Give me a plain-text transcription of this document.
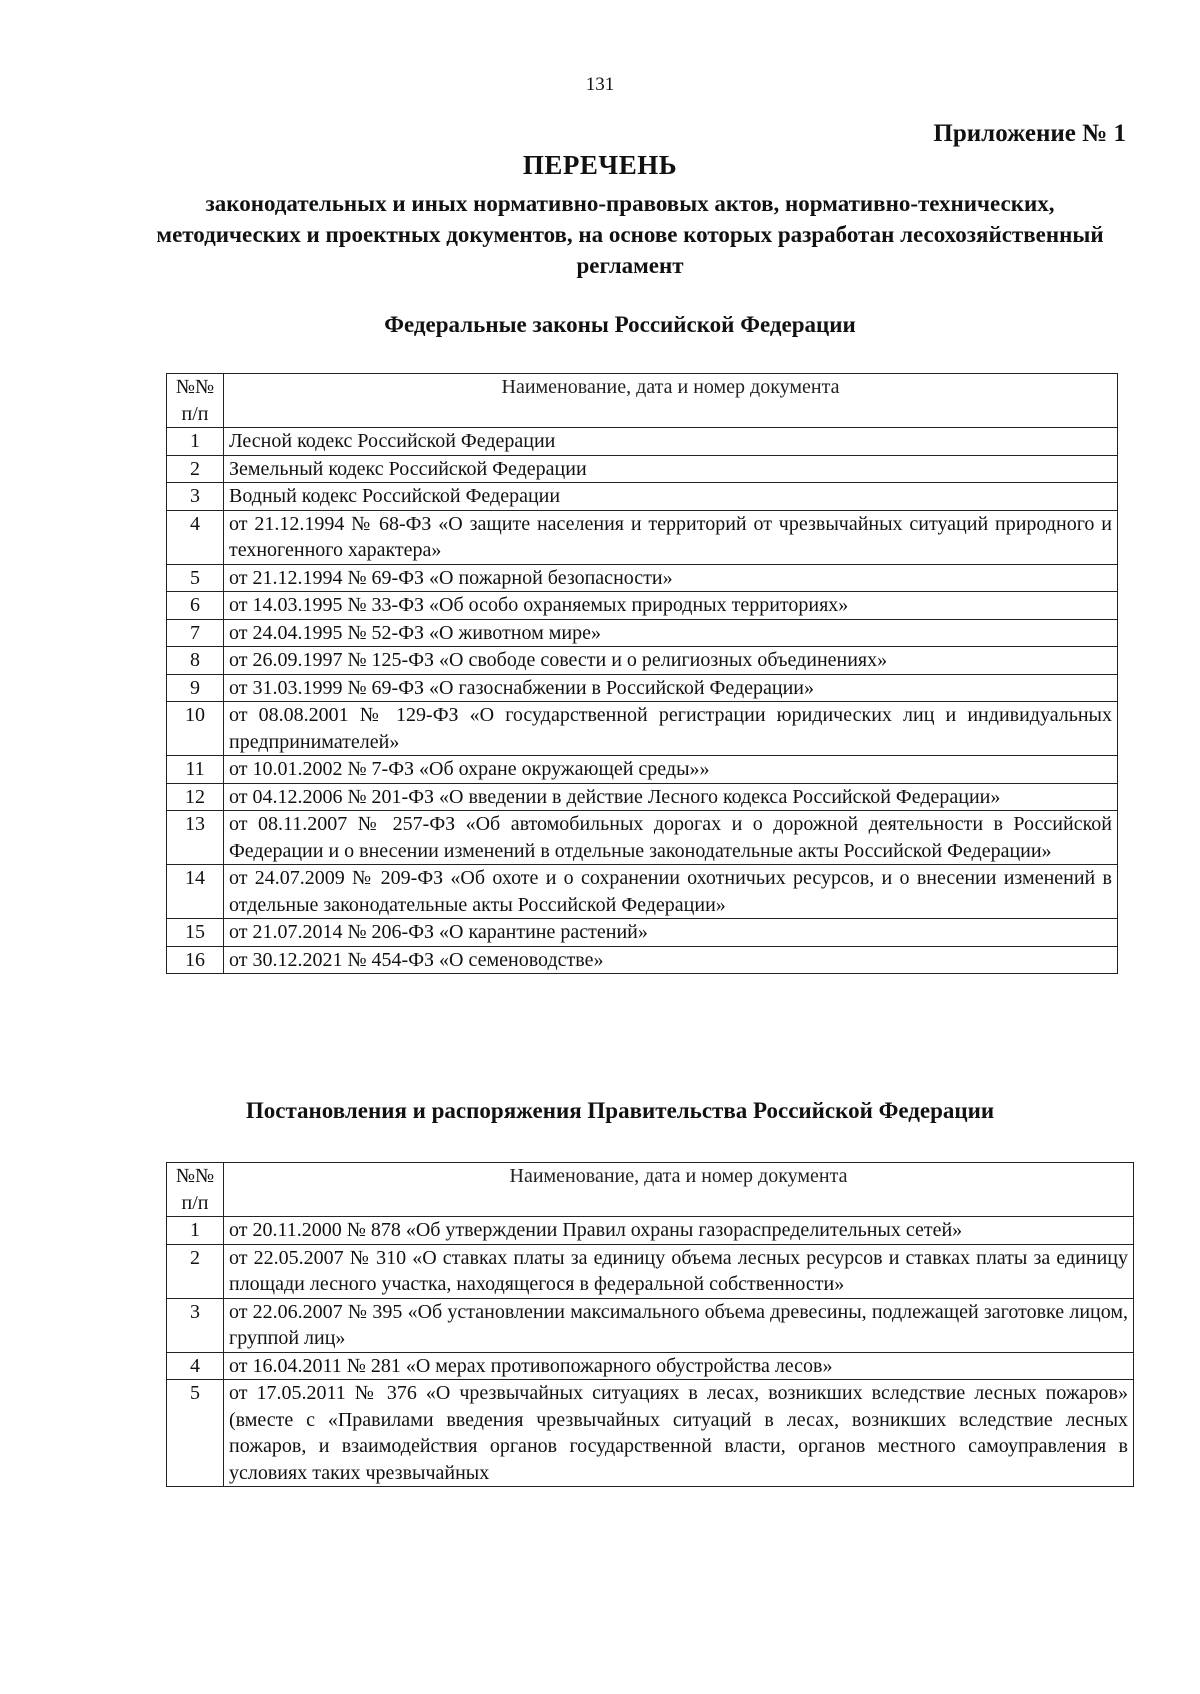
131
Приложение № 1
ПЕРЕЧЕНЬ
законодательных и иных нормативно-правовых актов, нормативно-технических, методических и проектных документов, на основе которых разработан лесохозяйственный регламент
Федеральные законы Российской Федерации
№№ п/п	Наименование, дата и номер документа
1	Лесной кодекс Российской Федерации
2	Земельный кодекс Российской Федерации
3	Водный кодекс Российской Федерации
4	от 21.12.1994 № 68-ФЗ «О защите населения и территорий от чрезвычайных ситуаций природного и техногенного характера»
5	от 21.12.1994 № 69-ФЗ «О пожарной безопасности»
6	от 14.03.1995 № 33-ФЗ «Об особо охраняемых природных территориях»
7	от 24.04.1995 № 52-ФЗ «О животном мире»
8	от 26.09.1997 № 125-ФЗ «О свободе совести и о религиозных объединениях»
9	от 31.03.1999 № 69-ФЗ «О газоснабжении в Российской Федерации»
10	от 08.08.2001 № 129-ФЗ «О государственной регистрации юридических лиц и индивидуальных предпринимателей»
11	от 10.01.2002 № 7-ФЗ «Об охране окружающей среды»»
12	от 04.12.2006 № 201-ФЗ «О введении в действие Лесного кодекса Российской Федерации»
13	от 08.11.2007 № 257-ФЗ «Об автомобильных дорогах и о дорожной деятельности в Российской Федерации и о внесении изменений в отдельные законодательные акты Российской Федерации»
14	от 24.07.2009 № 209-ФЗ «Об охоте и о сохранении охотничьих ресурсов, и о внесении изменений в отдельные законодательные акты Российской Федерации»
15	от 21.07.2014 № 206-ФЗ «О карантине растений»
16	от 30.12.2021 № 454-ФЗ «О семеноводстве»
Постановления и распоряжения Правительства Российской Федерации
№№ п/п	Наименование, дата и номер документа
1	от 20.11.2000 № 878 «Об утверждении Правил охраны газораспределительных сетей»
2	от 22.05.2007 № 310 «О ставках платы за единицу объема лесных ресурсов и ставках платы за единицу площади лесного участка, находящегося в федеральной собственности»
3	от 22.06.2007 № 395 «Об установлении максимального объема древесины, подлежащей заготовке лицом, группой лиц»
4	от 16.04.2011 № 281 «О мерах противопожарного обустройства лесов»
5	от 17.05.2011 № 376 «О чрезвычайных ситуациях в лесах, возникших вследствие лесных пожаров» (вместе с «Правилами введения чрезвычайных ситуаций в лесах, возникших вследствие лесных пожаров, и взаимодействия органов государственной власти, органов местного самоуправления в условиях таких чрезвычайных
